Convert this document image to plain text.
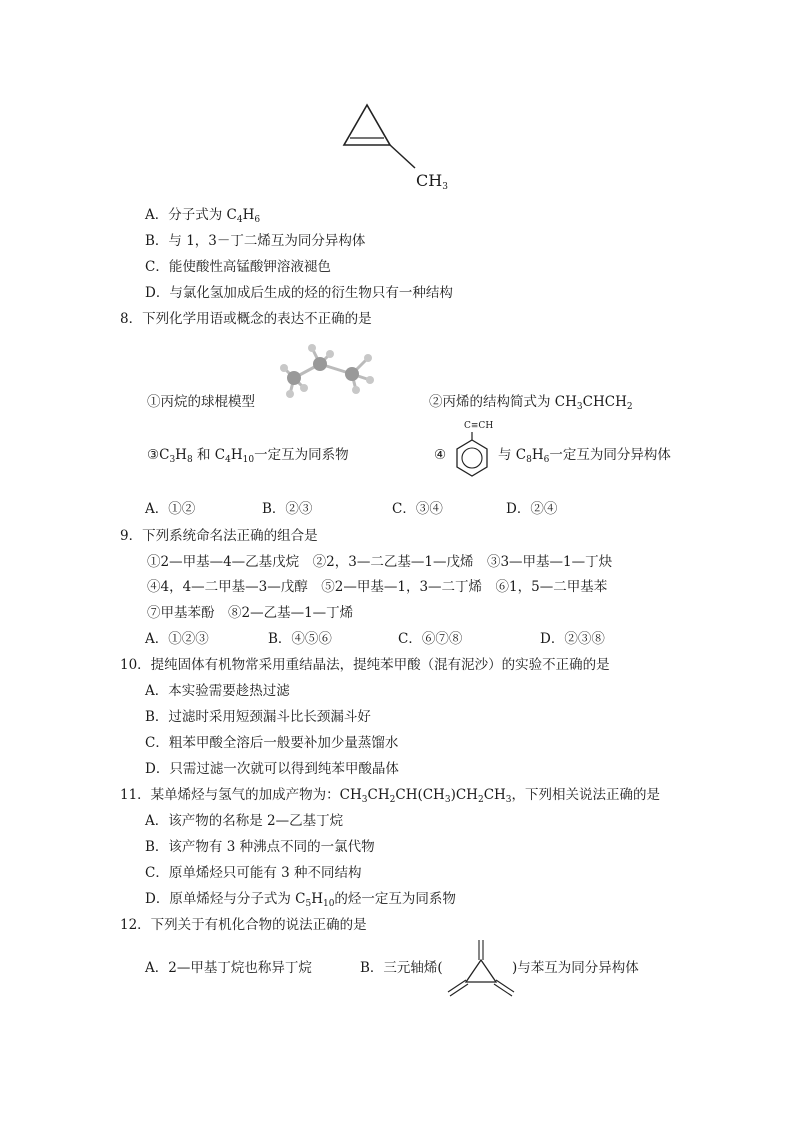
$CH_3$
A．分子式为 $C_4H_6$
B．与 1，3－丁二烯互为同分异构体
C．能使酸性高锰酸钾溶液褪色
D．与氯化氢加成后生成的烃的衍生物只有一种结构
8．下列化学用语或概念的表达不正确的是
①丙烷的球棍模型	②丙烯的结构简式为 $CH_3CHCH_2$
$③C_3H_8$ 和 $C_4H_{10}$一定互为同系物	④
C≡CH
与 $C_8H_6$一定互为同分异构体
A．①②	B．②③	C．③④	D．②④
9．下列系统命名法正确的组合是
①2—甲基—4—乙基戊烷　②2，3—二乙基—1—戊烯　③3—甲基—1—丁炔
④4，4—二甲基—3—戊醇　⑤2—甲基—1，3—二丁烯　⑥1，5—二甲基苯
⑦甲基苯酚　⑧2—乙基—1—丁烯
A．①②③	B．④⑤⑥	C．⑥⑦⑧	D．②③⑧
10．提纯固体有机物常采用重结晶法，提纯苯甲酸（混有泥沙）的实验不正确的是
A．本实验需要趁热过滤
B．过滤时采用短颈漏斗比长颈漏斗好
C．粗苯甲酸全溶后一般要补加少量蒸馏水
D．只需过滤一次就可以得到纯苯甲酸晶体
11．某单烯烃与氢气的加成产物为：$CH_3CH_2CH(CH_3)CH_2CH_3$，下列相关说法正确的是
A．该产物的名称是 2—乙基丁烷
B．该产物有 3 种沸点不同的一氯代物
C．原单烯烃只可能有 3 种不同结构
D．原单烯烃与分子式为 $C_5H_{10}$的烃一定互为同系物
12．下列关于有机化合物的说法正确的是
A．2—甲基丁烷也称异丁烷	B．三元轴烯(	)与苯互为同分异构体
